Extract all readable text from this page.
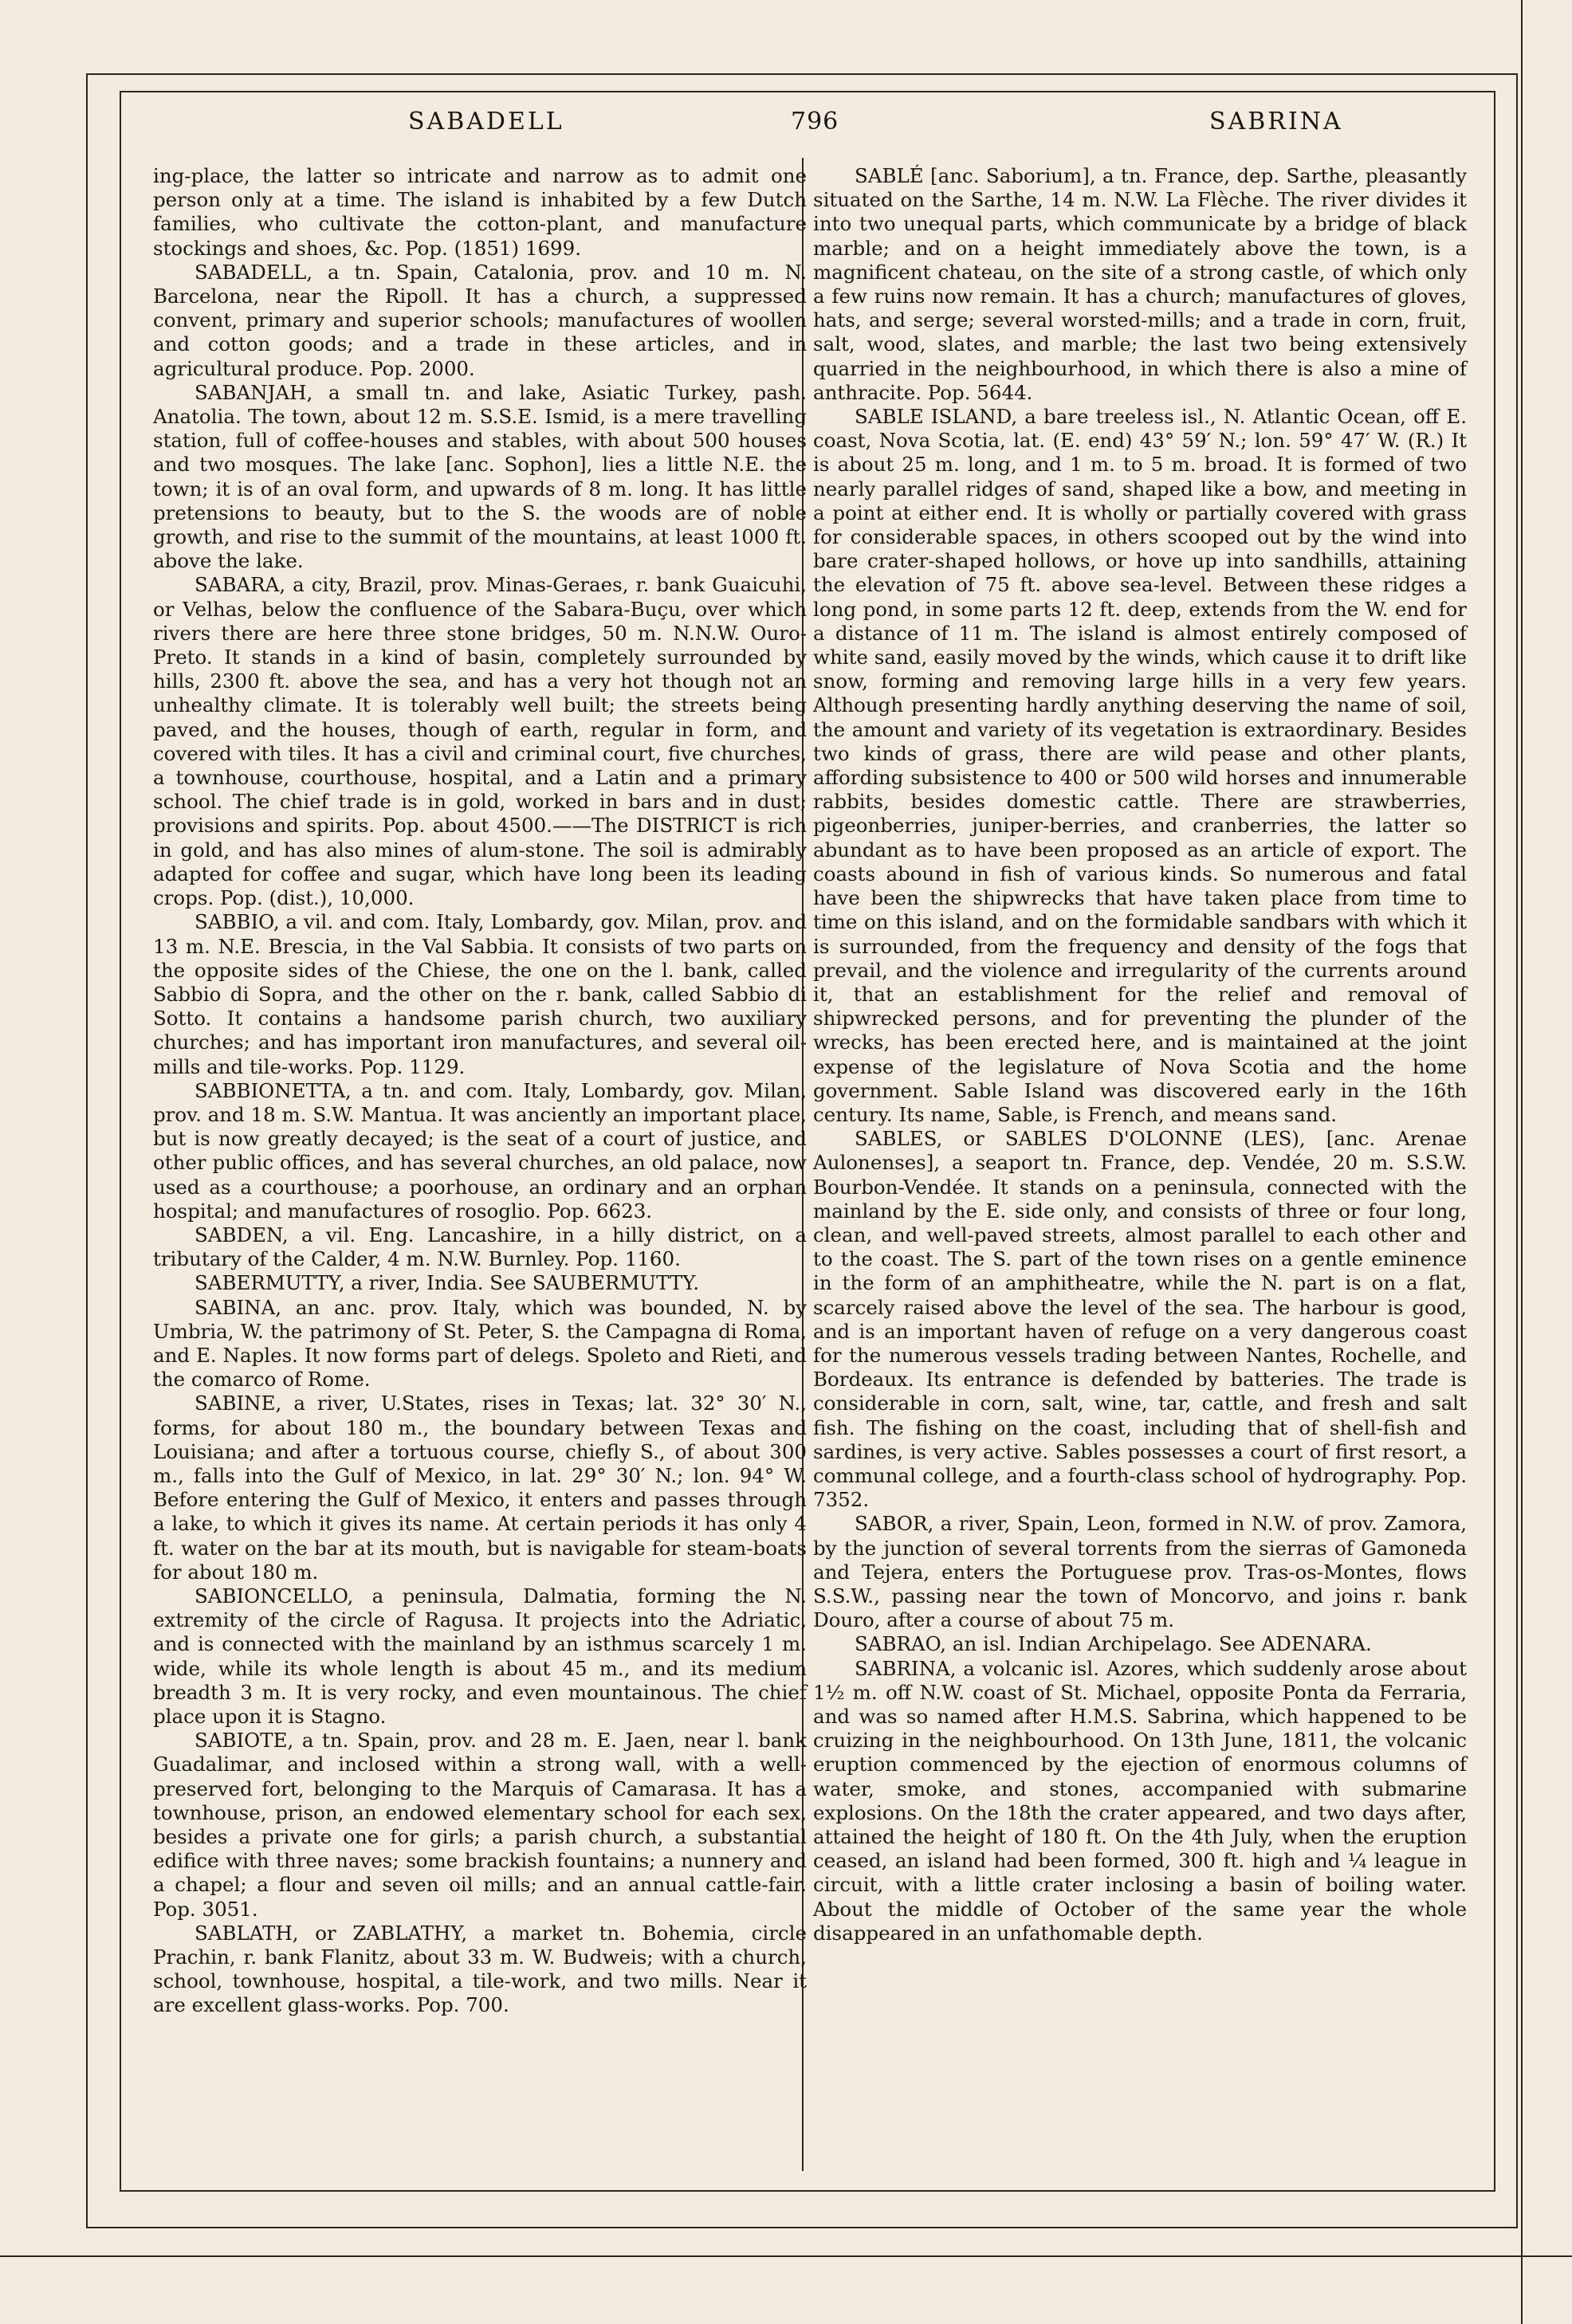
SABADELL	796	SABRINA

ing-place, the latter so intricate and narrow as to admit one person only at a time. The island is inhabited by a few Dutch families, who cultivate the cotton-plant, and manufacture stockings and shoes, &c. Pop. (1851) 1699.

SABADELL, a tn. Spain, Catalonia, prov. and 10 m. N. Barcelona, near the Ripoll. It has a church, a suppressed convent, primary and superior schools; manufactures of woollen and cotton goods; and a trade in these articles, and in agricultural produce. Pop. 2000.

SABANJAH, a small tn. and lake, Asiatic Turkey, pash. Anatolia. The town, about 12 m. S.S.E. Ismid, is a mere travelling station, full of coffee-houses and stables, with about 500 houses and two mosques. The lake [anc. Sophon], lies a little N.E. the town; it is of an oval form, and upwards of 8 m. long. It has little pretensions to beauty, but to the S. the woods are of noble growth, and rise to the summit of the mountains, at least 1000 ft. above the lake.

SABARA, a city, Brazil, prov. Minas-Geraes, r. bank Guaicuhi, or Velhas, below the confluence of the Sabara-Buçu, over which rivers there are here three stone bridges, 50 m. N.N.W. Ouro-Preto. It stands in a kind of basin, completely surrounded by hills, 2300 ft. above the sea, and has a very hot though not an unhealthy climate. It is tolerably well built; the streets being paved, and the houses, though of earth, regular in form, and covered with tiles. It has a civil and criminal court, five churches, a townhouse, courthouse, hospital, and a Latin and a primary school. The chief trade is in gold, worked in bars and in dust; provisions and spirits. Pop. about 4500.——The DISTRICT is rich in gold, and has also mines of alum-stone. The soil is admirably adapted for coffee and sugar, which have long been its leading crops. Pop. (dist.), 10,000.

SABBIO, a vil. and com. Italy, Lombardy, gov. Milan, prov. and 13 m. N.E. Brescia, in the Val Sabbia. It consists of two parts on the opposite sides of the Chiese, the one on the l. bank, called Sabbio di Sopra, and the other on the r. bank, called Sabbio di Sotto. It contains a handsome parish church, two auxiliary churches; and has important iron manufactures, and several oil-mills and tile-works. Pop. 1129.

SABBIONETTA, a tn. and com. Italy, Lombardy, gov. Milan, prov. and 18 m. S.W. Mantua. It was anciently an important place, but is now greatly decayed; is the seat of a court of justice, and other public offices, and has several churches, an old palace, now used as a courthouse; a poorhouse, an ordinary and an orphan hospital; and manufactures of rosoglio. Pop. 6623.

SABDEN, a vil. Eng. Lancashire, in a hilly district, on a tributary of the Calder, 4 m. N.W. Burnley. Pop. 1160.

SABERMUTTY, a river, India. See SAUBERMUTTY.

SABINA, an anc. prov. Italy, which was bounded, N. by Umbria, W. the patrimony of St. Peter, S. the Campagna di Roma, and E. Naples. It now forms part of delegs. Spoleto and Rieti, and the comarco of Rome.

SABINE, a river, U.States, rises in Texas; lat. 32° 30′ N., forms, for about 180 m., the boundary between Texas and Louisiana; and after a tortuous course, chiefly S., of about 300 m., falls into the Gulf of Mexico, in lat. 29° 30′ N.; lon. 94° W. Before entering the Gulf of Mexico, it enters and passes through a lake, to which it gives its name. At certain periods it has only 4 ft. water on the bar at its mouth, but is navigable for steam-boats for about 180 m.

SABIONCELLO, a peninsula, Dalmatia, forming the N. extremity of the circle of Ragusa. It projects into the Adriatic, and is connected with the mainland by an isthmus scarcely 1 m. wide, while its whole length is about 45 m., and its medium breadth 3 m. It is very rocky, and even mountainous. The chief place upon it is Stagno.

SABIOTE, a tn. Spain, prov. and 28 m. E. Jaen, near l. bank Guadalimar, and inclosed within a strong wall, with a well-preserved fort, belonging to the Marquis of Camarasa. It has a townhouse, prison, an endowed elementary school for each sex, besides a private one for girls; a parish church, a substantial edifice with three naves; some brackish fountains; a nunnery and a chapel; a flour and seven oil mills; and an annual cattle-fair. Pop. 3051.

SABLATH, or ZABLATHY, a market tn. Bohemia, circle Prachin, r. bank Flanitz, about 33 m. W. Budweis; with a church, school, townhouse, hospital, a tile-work, and two mills. Near it are excellent glass-works. Pop. 700.

SABLÉ [anc. Saborium], a tn. France, dep. Sarthe, pleasantly situated on the Sarthe, 14 m. N.W. La Flèche. The river divides it into two unequal parts, which communicate by a bridge of black marble; and on a height immediately above the town, is a magnificent chateau, on the site of a strong castle, of which only a few ruins now remain. It has a church; manufactures of gloves, hats, and serge; several worsted-mills; and a trade in corn, fruit, salt, wood, slates, and marble; the last two being extensively quarried in the neighbourhood, in which there is also a mine of anthracite. Pop. 5644.

SABLE ISLAND, a bare treeless isl., N. Atlantic Ocean, off E. coast, Nova Scotia, lat. (E. end) 43° 59′ N.; lon. 59° 47′ W. (R.) It is about 25 m. long, and 1 m. to 5 m. broad. It is formed of two nearly parallel ridges of sand, shaped like a bow, and meeting in a point at either end. It is wholly or partially covered with grass for considerable spaces, in others scooped out by the wind into bare crater-shaped hollows, or hove up into sandhills, attaining the elevation of 75 ft. above sea-level. Between these ridges a long pond, in some parts 12 ft. deep, extends from the W. end for a distance of 11 m. The island is almost entirely composed of white sand, easily moved by the winds, which cause it to drift like snow, forming and removing large hills in a very few years. Although presenting hardly anything deserving the name of soil, the amount and variety of its vegetation is extraordinary. Besides two kinds of grass, there are wild pease and other plants, affording subsistence to 400 or 500 wild horses and innumerable rabbits, besides domestic cattle. There are strawberries, pigeonberries, juniper-berries, and cranberries, the latter so abundant as to have been proposed as an article of export. The coasts abound in fish of various kinds. So numerous and fatal have been the shipwrecks that have taken place from time to time on this island, and on the formidable sandbars with which it is surrounded, from the frequency and density of the fogs that prevail, and the violence and irregularity of the currents around it, that an establishment for the relief and removal of shipwrecked persons, and for preventing the plunder of the wrecks, has been erected here, and is maintained at the joint expense of the legislature of Nova Scotia and the home government. Sable Island was discovered early in the 16th century. Its name, Sable, is French, and means sand.

SABLES, or SABLES D'OLONNE (LES), [anc. Arenae Aulonenses], a seaport tn. France, dep. Vendée, 20 m. S.S.W. Bourbon-Vendée. It stands on a peninsula, connected with the mainland by the E. side only, and consists of three or four long, clean, and well-paved streets, almost parallel to each other and to the coast. The S. part of the town rises on a gentle eminence in the form of an amphitheatre, while the N. part is on a flat, scarcely raised above the level of the sea. The harbour is good, and is an important haven of refuge on a very dangerous coast for the numerous vessels trading between Nantes, Rochelle, and Bordeaux. Its entrance is defended by batteries. The trade is considerable in corn, salt, wine, tar, cattle, and fresh and salt fish. The fishing on the coast, including that of shell-fish and sardines, is very active. Sables possesses a court of first resort, a communal college, and a fourth-class school of hydrography. Pop. 7352.

SABOR, a river, Spain, Leon, formed in N.W. of prov. Zamora, by the junction of several torrents from the sierras of Gamoneda and Tejera, enters the Portuguese prov. Tras-os-Montes, flows S.S.W., passing near the town of Moncorvo, and joins r. bank Douro, after a course of about 75 m.

SABRAO, an isl. Indian Archipelago. See ADENARA.

SABRINA, a volcanic isl. Azores, which suddenly arose about 1½ m. off N.W. coast of St. Michael, opposite Ponta da Ferraria, and was so named after H.M.S. Sabrina, which happened to be cruizing in the neighbourhood. On 13th June, 1811, the volcanic eruption commenced by the ejection of enormous columns of water, smoke, and stones, accompanied with submarine explosions. On the 18th the crater appeared, and two days after, attained the height of 180 ft. On the 4th July, when the eruption ceased, an island had been formed, 300 ft. high and ¼ league in circuit, with a little crater inclosing a basin of boiling water. About the middle of October of the same year the whole disappeared in an unfathomable depth.
